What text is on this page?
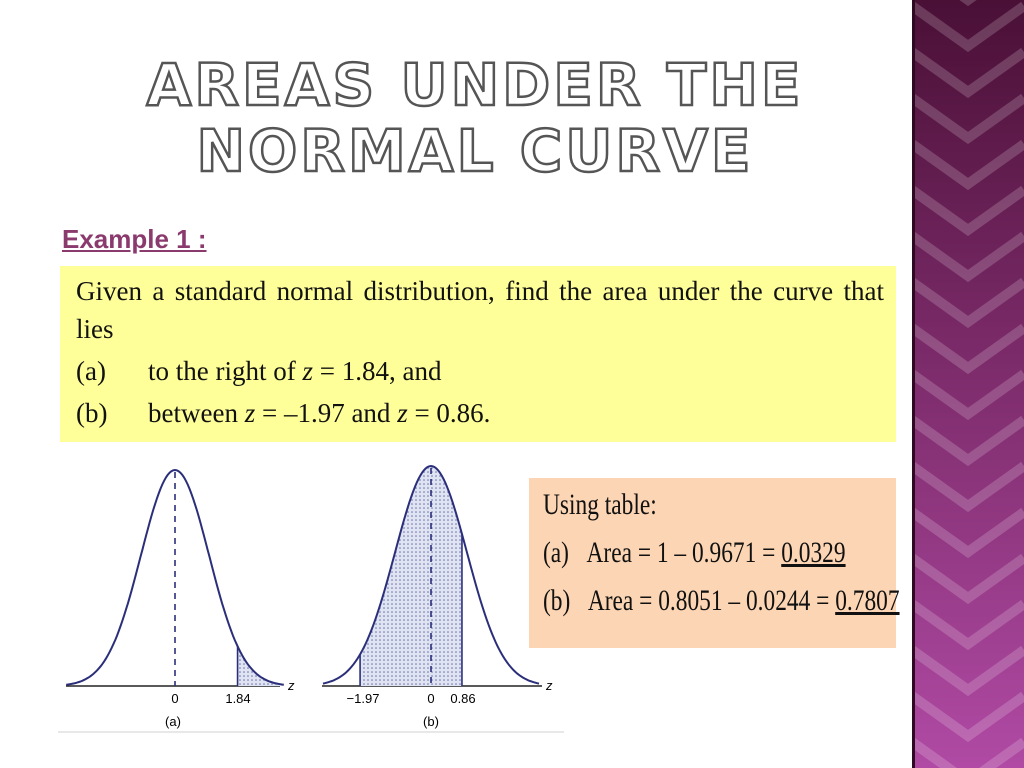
AREAS UNDER THE
NORMAL CURVE
Example 1 :
Given a standard normal distribution, find the area under the curve that lies
(a)	to the right of z = 1.84, and
(b)	between z = –1.97 and z = 0.86.
0	1.84
z
(a)
−1.97	0 0.86
z
(b)
Using table:
(a) Area = 1 – 0.9671 = 0.0329
(b) Area = 0.8051 – 0.0244 = 0.7807
